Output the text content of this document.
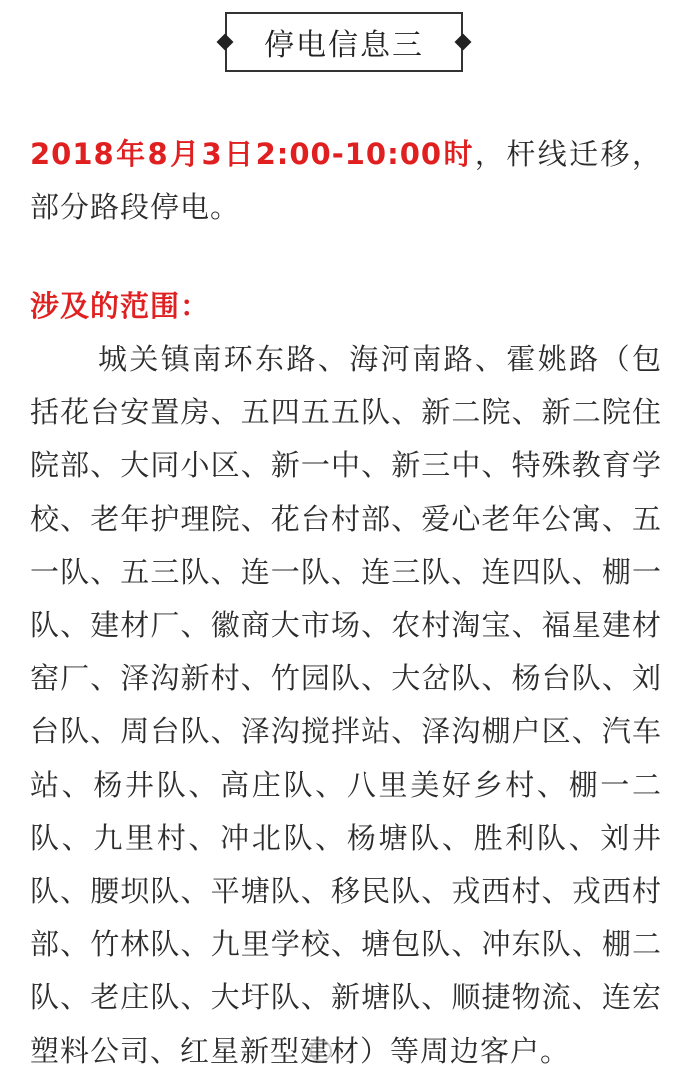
停电信息三

2018年8月3日2:00-10:00时，杆线迁移，部分路段停电。

涉及的范围：

城关镇南环东路、海河南路、霍姚路（包括花台安置房、五四五五队、新二院、新二院住院部、大同小区、新一中、新三中、特殊教育学校、老年护理院、花台村部、爱心老年公寓、五一队、五三队、连一队、连三队、连四队、棚一队、建材厂、徽商大市场、农村淘宝、福星建材窑厂、泽沟新村、竹园队、大岔队、杨台队、刘台队、周台队、泽沟搅拌站、泽沟棚户区、汽车站、杨井队、高庄队、八里美好乡村、棚一二队、九里村、冲北队、杨塘队、胜利队、刘井队、腰坝队、平塘队、移民队、戎西村、戎西村部、竹林队、九里学校、塘包队、冲东队、棚二队、老庄队、大圩队、新塘队、顺捷物流、连宏塑料公司、红星新型建材）等周边客户。
